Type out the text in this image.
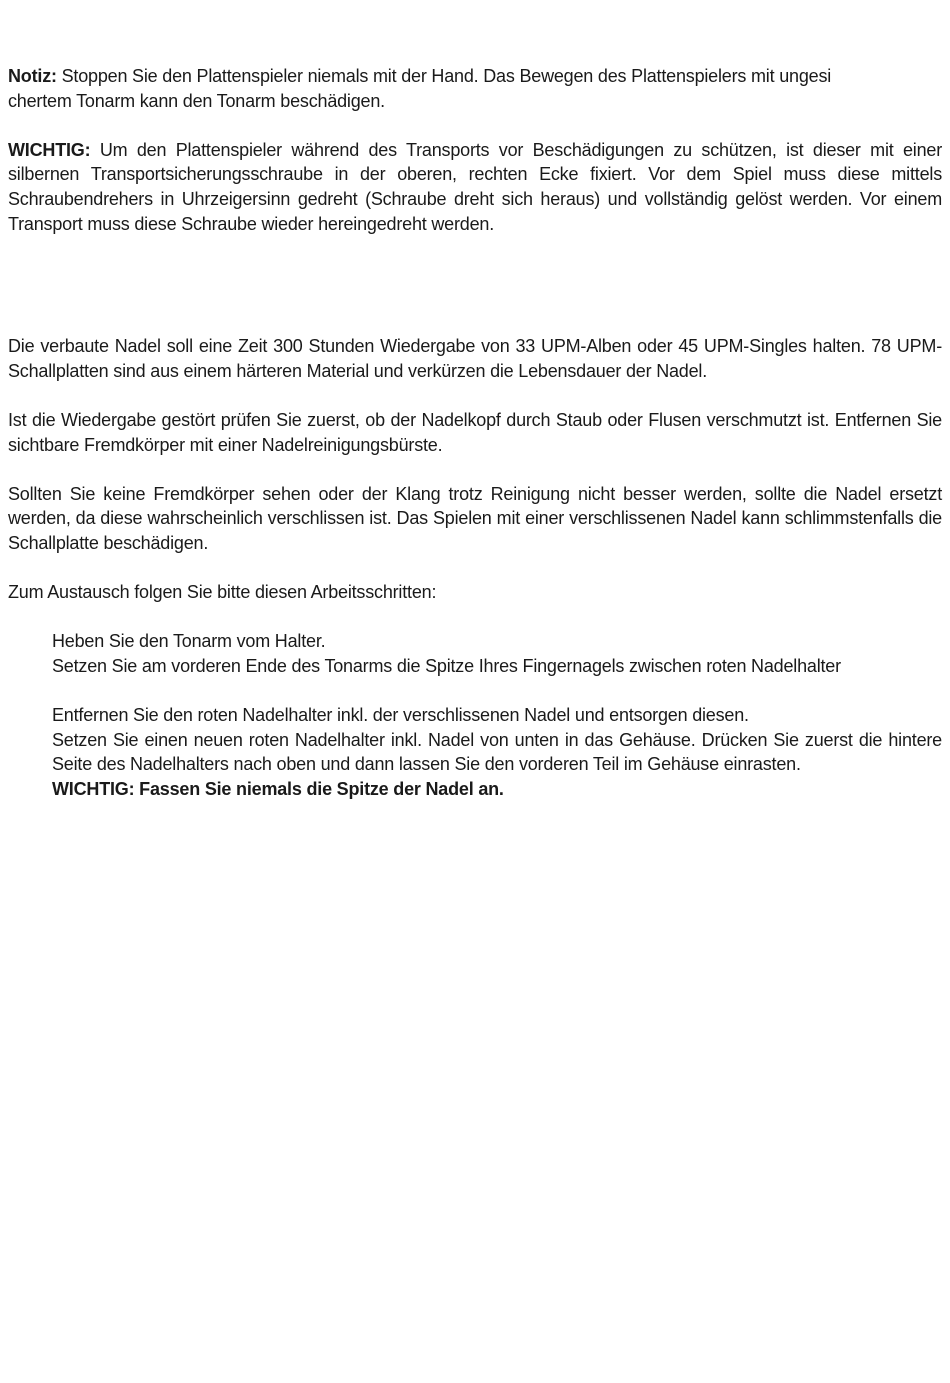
Notiz: Stoppen Sie den Plattenspieler niemals mit der Hand. Das Bewegen des Plattenspielers mit ungesi
chertem Tonarm kann den Tonarm beschädigen.

WICHTIG: Um den Plattenspieler während des Transports vor Beschädigungen zu schützen, ist dieser mit einer silbernen Transportsicherungsschraube in der oberen, rechten Ecke fixiert. Vor dem Spiel muss diese mittels Schraubendrehers in Uhrzeigersinn gedreht (Schraube dreht sich heraus) und vollständig gelöst werden. Vor einem Transport muss diese Schraube wieder hereingedreht werden.

Die verbaute Nadel soll eine Zeit 300 Stunden Wiedergabe von 33 UPM-Alben oder 45 UPM-Singles halten. 78 UPM-Schallplatten sind aus einem härteren Material und verkürzen die Lebensdauer der Nadel.

Ist die Wiedergabe gestört prüfen Sie zuerst, ob der Nadelkopf durch Staub oder Flusen verschmutzt ist. Entfernen Sie sichtbare Fremdkörper mit einer Nadelreinigungsbürste.

Sollten Sie keine Fremdkörper sehen oder der Klang trotz Reinigung nicht besser werden, sollte die Nadel ersetzt werden, da diese wahrscheinlich verschlissen ist. Das Spielen mit einer verschlissenen Nadel kann schlimmstenfalls die Schallplatte beschädigen.

Zum Austausch folgen Sie bitte diesen Arbeitsschritten:

Heben Sie den Tonarm vom Halter.

Setzen Sie am vorderen Ende des Tonarms die Spitze Ihres Fingernagels zwischen roten Nadelhalter

Entfernen Sie den roten Nadelhalter inkl. der verschlissenen Nadel und entsorgen diesen.

Setzen Sie einen neuen roten Nadelhalter inkl. Nadel von unten in das Gehäuse. Drücken Sie zuerst die hintere Seite des Nadelhalters nach oben und dann lassen Sie den vorderen Teil im Gehäuse einrasten.

WICHTIG: Fassen Sie niemals die Spitze der Nadel an.
